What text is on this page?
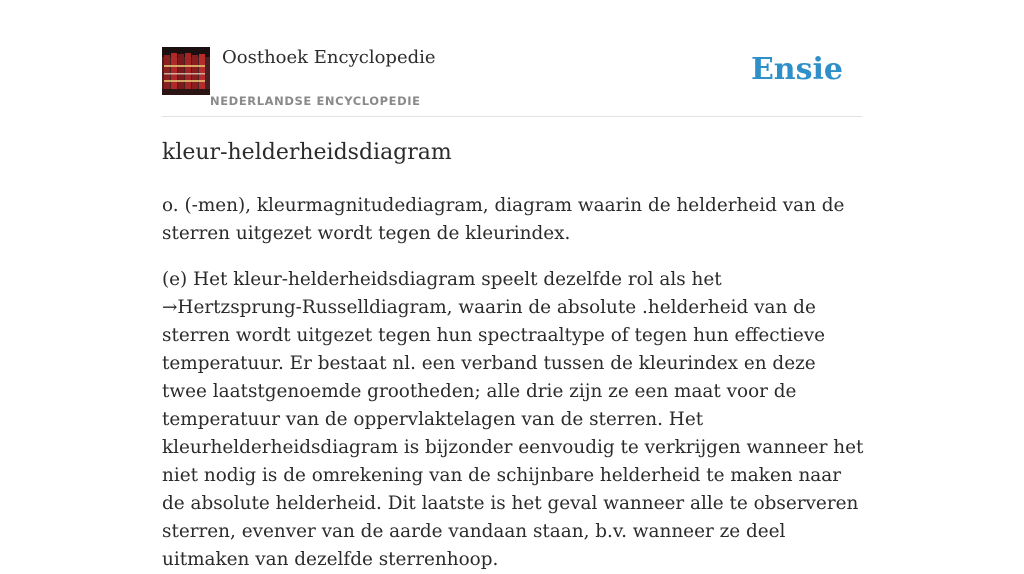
Oosthoek Encyclopedie
NEDERLANDSE ENCYCLOPEDIE
Ensie
kleur-helderheidsdiagram

o. (-men), kleurmagnitudediagram, diagram waarin de helderheid van de sterren uitgezet wordt tegen de kleurindex.

(e) Het kleur-helderheidsdiagram speelt dezelfde rol als het →Hertzsprung-Russelldiagram, waarin de absolute .helderheid van de sterren wordt uitgezet tegen hun spectraaltype of tegen hun effectieve temperatuur. Er bestaat nl. een verband tussen de kleurindex en deze twee laatstgenoemde grootheden; alle drie zijn ze een maat voor de temperatuur van de oppervlaktelagen van de sterren. Het kleurhelderheidsdiagram is bijzonder eenvoudig te verkrijgen wanneer het niet nodig is de omrekening van de schijnbare helderheid te maken naar de absolute helderheid. Dit laatste is het geval wanneer alle te observeren sterren, evenver van de aarde vandaan staan, b.v. wanneer ze deel uitmaken van dezelfde sterrenhoop.
